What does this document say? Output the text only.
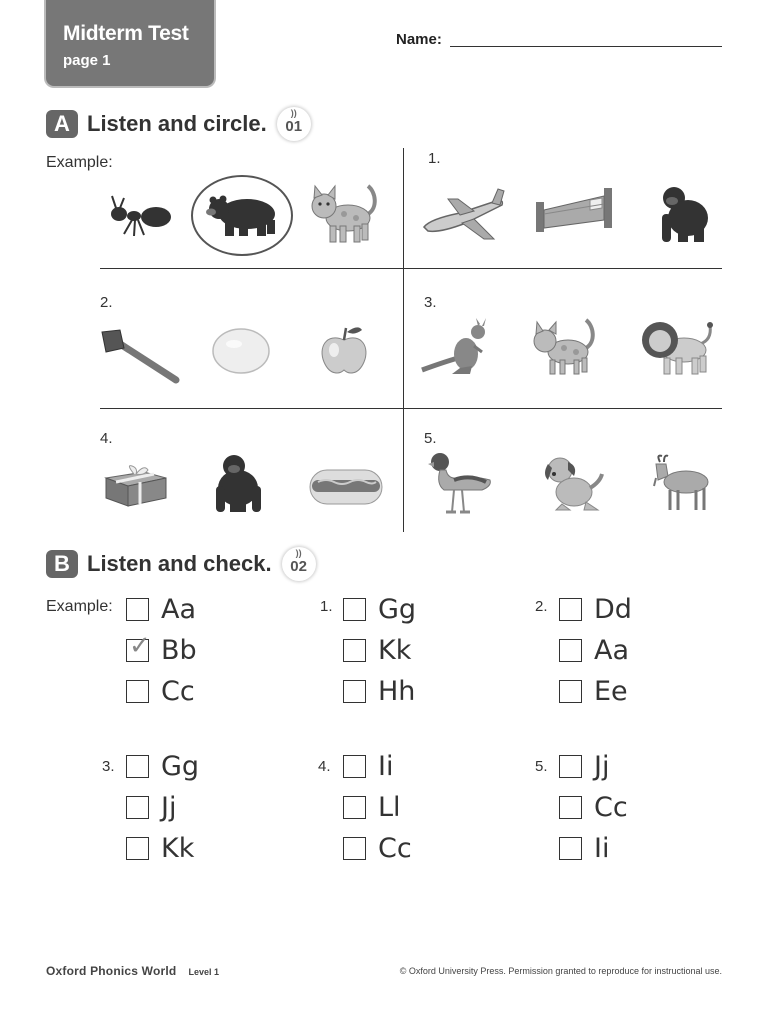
Midterm Test
page 1
Name:
A Listen and circle.	))
01
Example:	1.
2.	3.
4.	5.
B Listen and check.	))
02
Example: Aa
✓ Bb
Cc
1. Gg
Kk
Hh
2. Dd
Aa
Ee
3. Gg
Jj
Kk
4. Ii
Ll
Cc
5. Jj
Cc
Ii
Oxford Phonics World Level 1	© Oxford University Press. Permission granted to reproduce for instructional use.
